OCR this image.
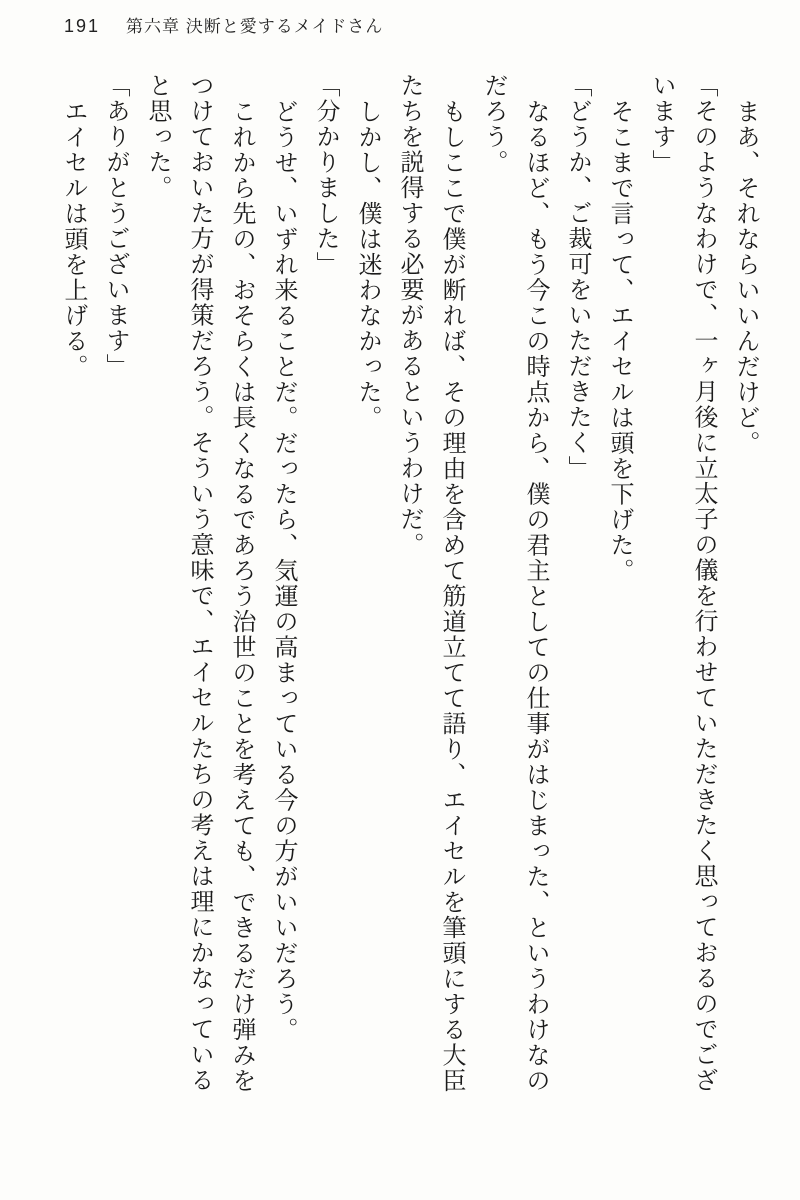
191 第六章 決断と愛するメイドさん

まあ、それならいいんだけど。

「そのようなわけで、一ヶ月後に立太子の儀を行わせていただきたく思っておるのでござ

います」

そこまで言って、エイセルは頭を下げた。

「どうか、ご裁可をいただきたく」

なるほど、もう今この時点から、僕の君主としての仕事がはじまった、というわけなの

だろう。

もしここで僕が断れば、その理由を含めて筋道立てて語り、エイセルを筆頭にする大臣

たちを説得する必要があるというわけだ。

しかし、僕は迷わなかった。

「分かりました」

どうせ、いずれ来ることだ。だったら、気運の高まっている今の方がいいだろう。

これから先の、おそらくは長くなるであろう治世のことを考えても、できるだけ弾みを

つけておいた方が得策だろう。そういう意味で、エイセルたちの考えは理にかなっている

と思った。

「ありがとうございます」

エイセルは頭を上げる。
